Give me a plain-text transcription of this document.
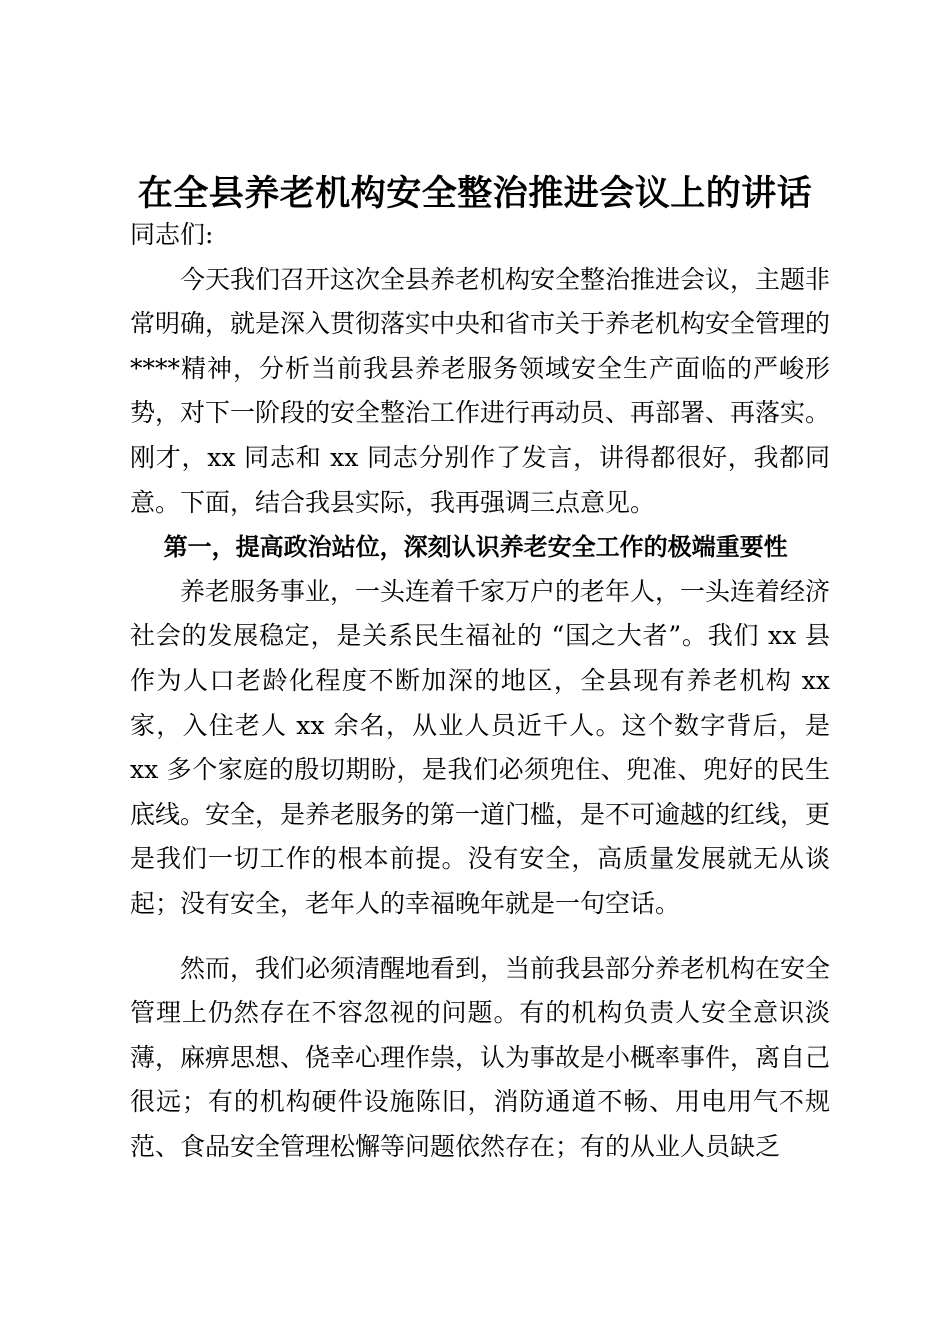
在全县养老机构安全整治推进会议上的讲话

同志们:

今天我们召开这次全县养老机构安全整治推进会议，主题非常明确，就是深入贯彻落实中央和省市关于养老机构安全管理的****精神，分析当前我县养老服务领域安全生产面临的严峻形势，对下一阶段的安全整治工作进行再动员、再部署、再落实。刚才，xx 同志和 xx 同志分别作了发言，讲得都很好，我都同意。下面，结合我县实际，我再强调三点意见。

第一，提高政治站位，深刻认识养老安全工作的极端重要性

养老服务事业，一头连着千家万户的老年人，一头连着经济社会的发展稳定，是关系民生福祉的 “国之大者”。我们 xx 县作为人口老龄化程度不断加深的地区，全县现有养老机构 xx 家，入住老人 xx 余名，从业人员近千人。这个数字背后，是 xx 多个家庭的殷切期盼，是我们必须兜住、兜准、兜好的民生底线。安全，是养老服务的第一道门槛，是不可逾越的红线，更是我们一切工作的根本前提。没有安全，高质量发展就无从谈起；没有安全，老年人的幸福晚年就是一句空话。

然而，我们必须清醒地看到，当前我县部分养老机构在安全管理上仍然存在不容忽视的问题。有的机构负责人安全意识淡薄，麻痹思想、侥幸心理作祟，认为事故是小概率事件，离自己很远；有的机构硬件设施陈旧，消防通道不畅、用电用气不规范、食品安全管理松懈等问题依然存在；有的从业人员缺乏
